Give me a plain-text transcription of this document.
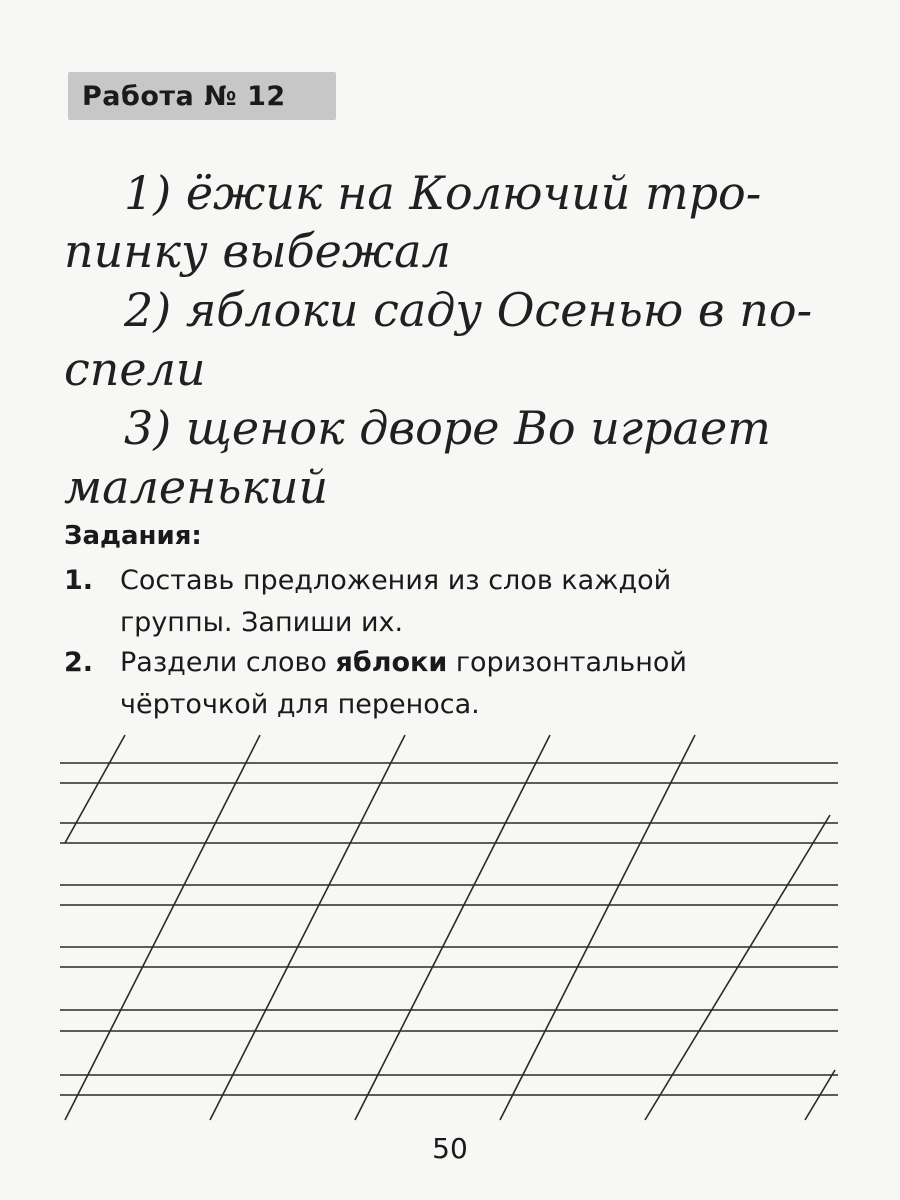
Работа № 12
1) ёжик на Колючий тро-
пинку выбежал
2) яблоки саду Осенью в по-
спели
3) щенок дворе Во играет
маленький
Задания:
1. Составь предложения из слов каждой
группы. Запиши их.
2. Раздели слово яблоки горизонтальной
чёрточкой для переноса.
50
